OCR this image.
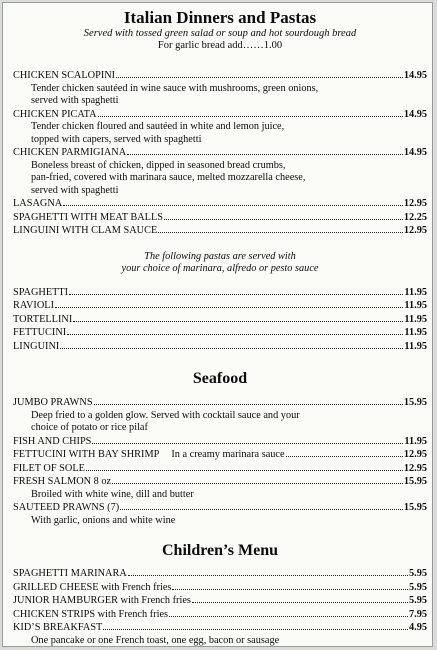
Italian Dinners and Pastas
Served with tossed green salad or soup and hot sourdough bread
For garlic bread add……1.00
CHICKEN SCALOPINI	14.95
Tender chicken sautéed in wine sauce with mushrooms, green onions,
served with spaghetti
CHICKEN PICATA	14.95
Tender chicken floured and sautéed in white and lemon juice,
topped with capers, served with spaghetti
CHICKEN PARMIGIANA	14.95
Boneless breast of chicken, dipped in seasoned bread crumbs,
pan-fried, covered with marinara sauce, melted mozzarella cheese,
served with spaghetti
LASAGNA	12.95
SPAGHETTI WITH MEAT BALLS	12.25
LINGUINI WITH CLAM SAUCE	12.95
The following pastas are served with
your choice of marinara, alfredo or pesto sauce
SPAGHETTI	11.95
RAVIOLI	11.95
TORTELLINI	11.95
FETTUCINI	11.95
LINGUINI	11.95
Seafood
JUMBO PRAWNS	15.95
Deep fried to a golden glow. Served with cocktail sauce and your
choice of potato or rice pilaf
FISH AND CHIPS	11.95
FETTUCINI WITH BAY SHRIMP In a creamy marinara sauce	12.95
FILET OF SOLE	12.95
FRESH SALMON 8 oz	15.95
Broiled with white wine, dill and butter
SAUTEED PRAWNS (7)	15.95
With garlic, onions and white wine
Children’s Menu
SPAGHETTI MARINARA	5.95
GRILLED CHEESE with French fries	5.95
JUNIOR HAMBURGER with French fries	5.95
CHICKEN STRIPS with French fries	7.95
KID’S BREAKFAST	4.95
One pancake or one French toast, one egg, bacon or sausage
